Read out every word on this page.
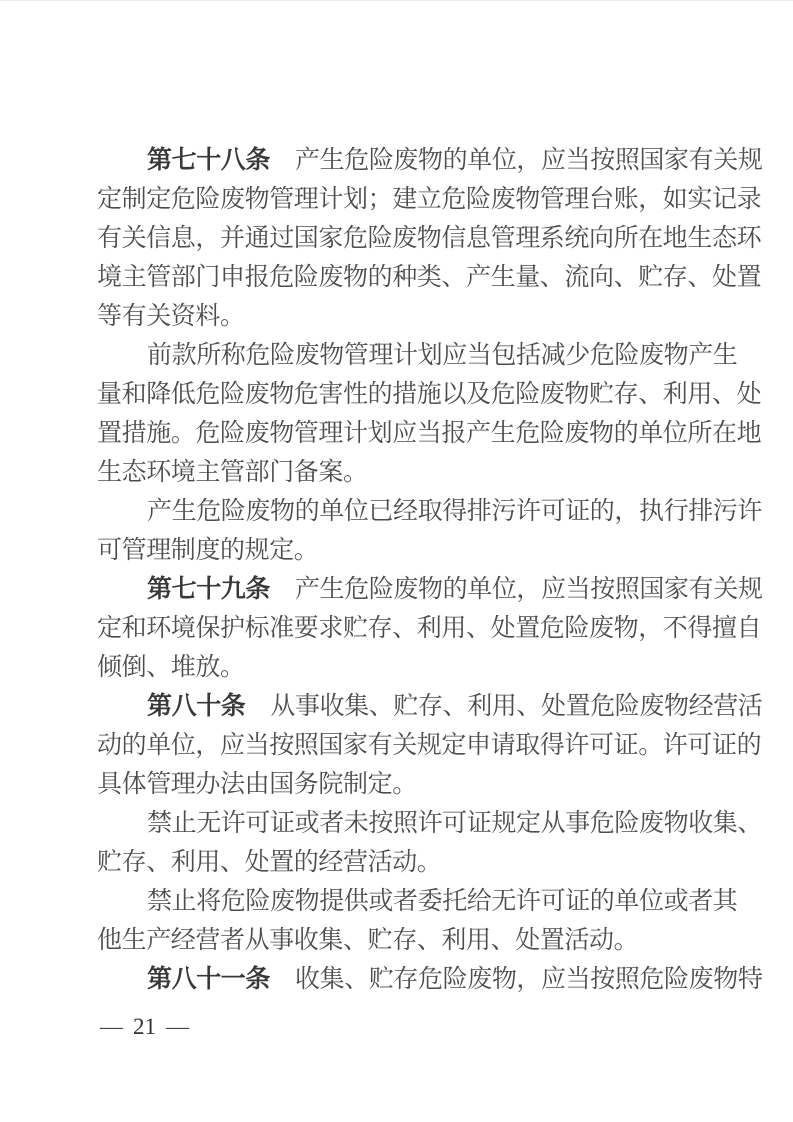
第七十八条 产生危险废物的单位，应当按照国家有关规
定制定危险废物管理计划；建立危险废物管理台账，如实记录
有关信息，并通过国家危险废物信息管理系统向所在地生态环
境主管部门申报危险废物的种类、产生量、流向、贮存、处置
等有关资料。
前款所称危险废物管理计划应当包括减少危险废物产生
量和降低危险废物危害性的措施以及危险废物贮存、利用、处
置措施。危险废物管理计划应当报产生危险废物的单位所在地
生态环境主管部门备案。
产生危险废物的单位已经取得排污许可证的，执行排污许
可管理制度的规定。
第七十九条 产生危险废物的单位，应当按照国家有关规
定和环境保护标准要求贮存、利用、处置危险废物，不得擅自
倾倒、堆放。
第八十条 从事收集、贮存、利用、处置危险废物经营活
动的单位，应当按照国家有关规定申请取得许可证。许可证的
具体管理办法由国务院制定。
禁止无许可证或者未按照许可证规定从事危险废物收集、
贮存、利用、处置的经营活动。
禁止将危险废物提供或者委托给无许可证的单位或者其
他生产经营者从事收集、贮存、利用、处置活动。
第八十一条 收集、贮存危险废物，应当按照危险废物特
— 21 —
